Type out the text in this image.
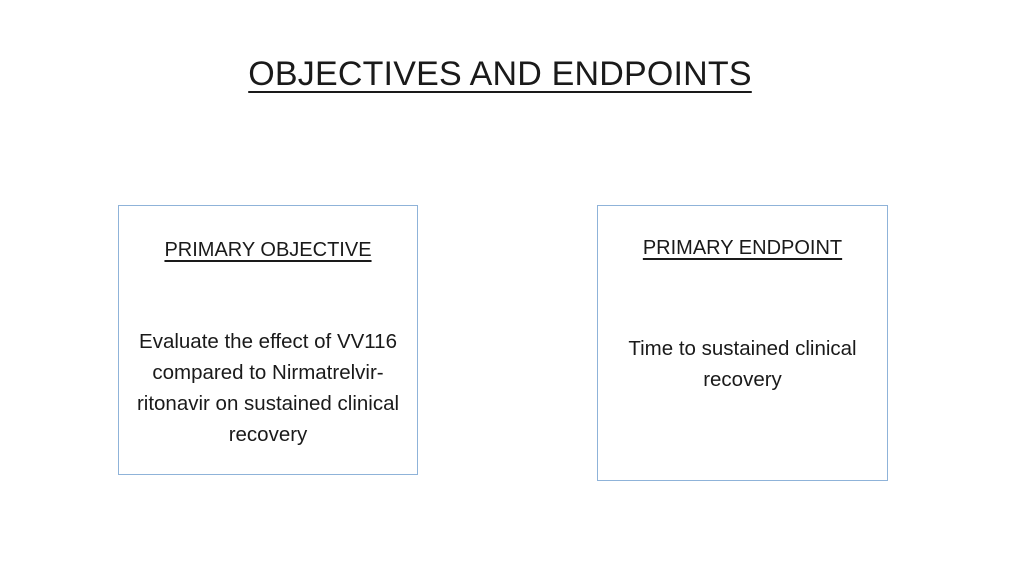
OBJECTIVES AND ENDPOINTS
PRIMARY OBJECTIVE
Evaluate the effect of VV116 compared to Nirmatrelvir-ritonavir on sustained clinical recovery
PRIMARY ENDPOINT
Time to sustained clinical recovery
